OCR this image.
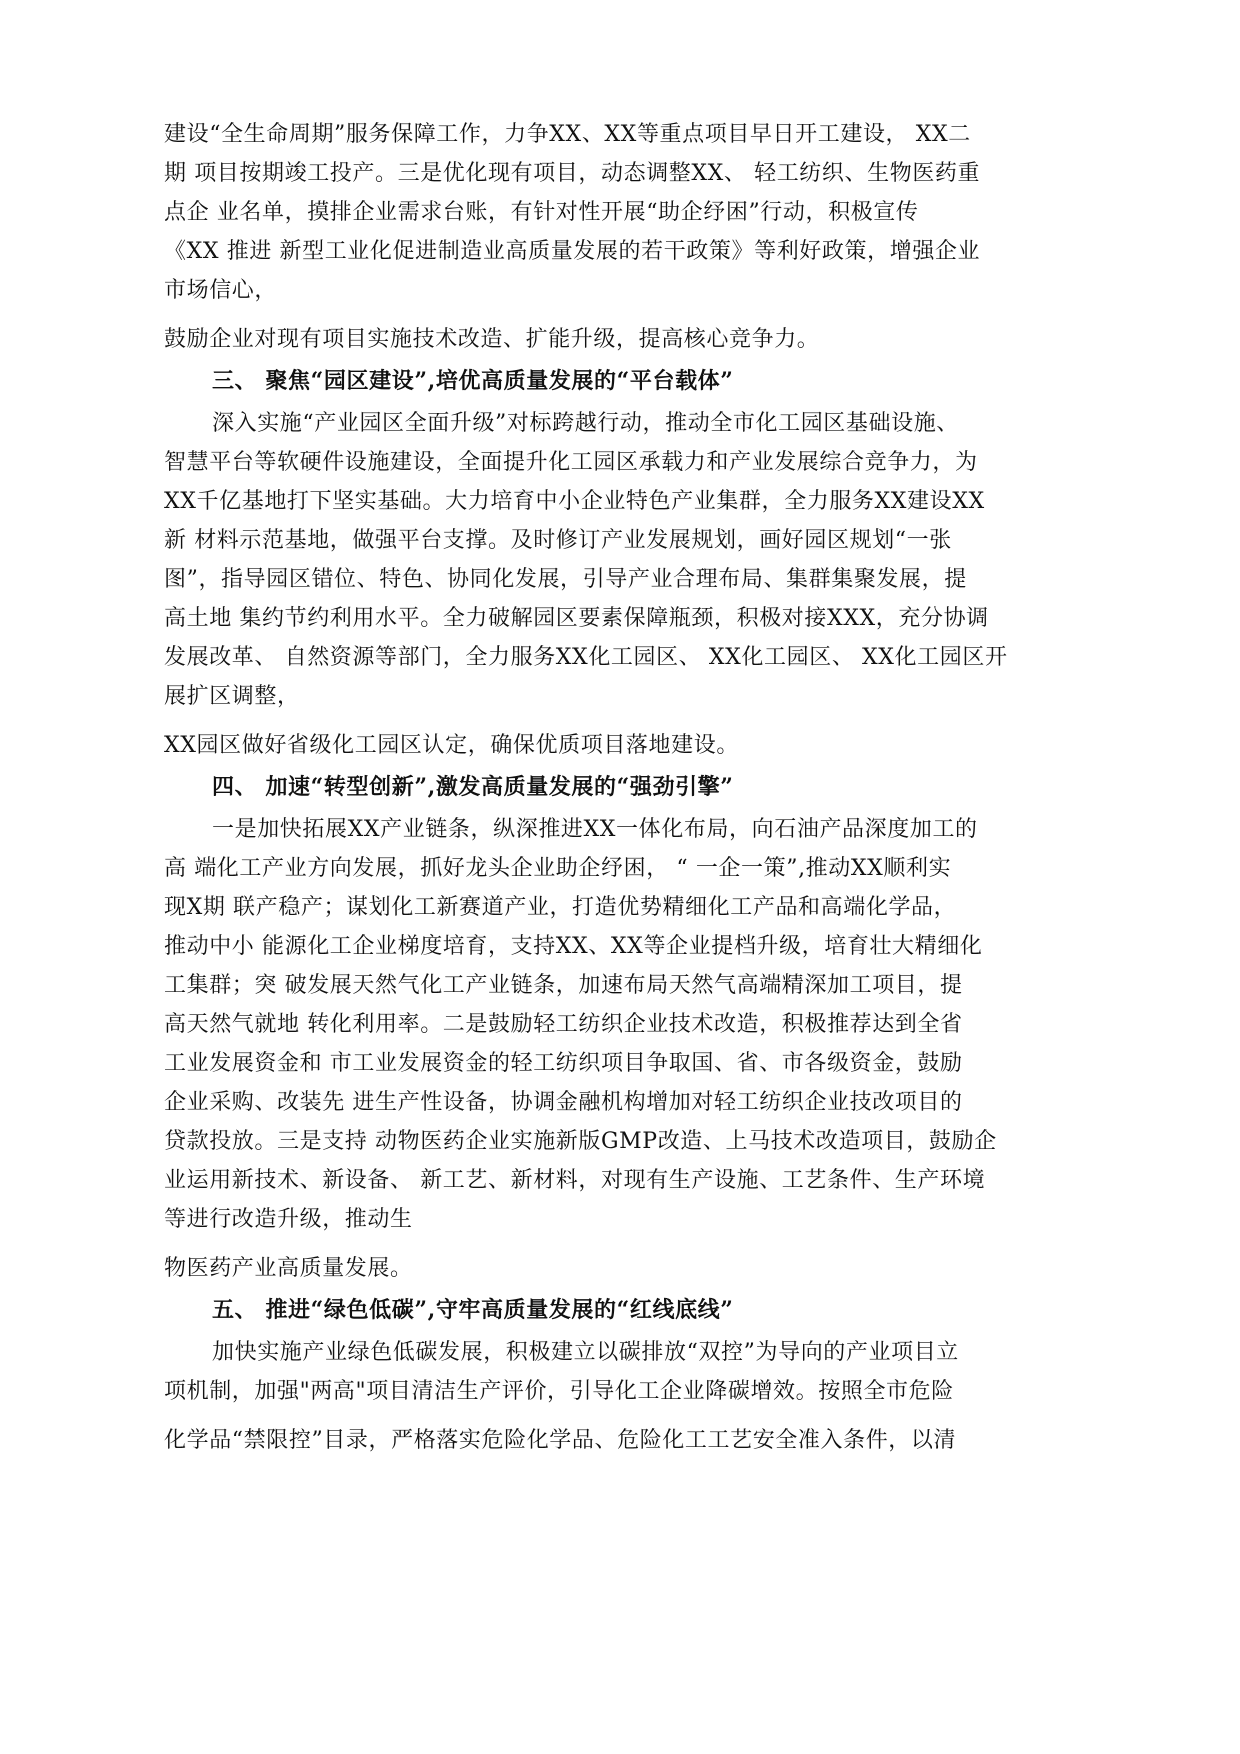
建设“全生命周期”服务保障工作，力争XX、XX等重点项目早日开工建设， XX二
期 项目按期竣工投产。三是优化现有项目，动态调整XX、 轻工纺织、生物医药重
点企 业名单，摸排企业需求台账，有针对性开展“助企纾困”行动，积极宣传
《XX 推进 新型工业化促进制造业高质量发展的若干政策》等利好政策，增强企业
市场信心，
鼓励企业对现有项目实施技术改造、扩能升级，提高核心竞争力。
三、 聚焦“园区建设”,培优高质量发展的“平台载体”
深入实施“产业园区全面升级”对标跨越行动，推动全市化工园区基础设施、
智慧平台等软硬件设施建设，全面提升化工园区承载力和产业发展综合竞争力，为
XX千亿基地打下坚实基础。大力培育中小企业特色产业集群，全力服务XX建设XX
新 材料示范基地，做强平台支撑。及时修订产业发展规划，画好园区规划“一张
图”，指导园区错位、特色、协同化发展，引导产业合理布局、集群集聚发展，提
高土地 集约节约利用水平。全力破解园区要素保障瓶颈，积极对接XXX，充分协调
发展改革、 自然资源等部门，全力服务XX化工园区、 XX化工园区、 XX化工园区开
展扩区调整，
XX园区做好省级化工园区认定，确保优质项目落地建设。
四、 加速“转型创新”,激发高质量发展的“强劲引擎”
一是加快拓展XX产业链条，纵深推进XX一体化布局，向石油产品深度加工的
高 端化工产业方向发展，抓好龙头企业助企纾困， “ 一企一策”,推动XX顺利实
现X期 联产稳产；谋划化工新赛道产业，打造优势精细化工产品和高端化学品，
推动中小 能源化工企业梯度培育，支持XX、XX等企业提档升级，培育壮大精细化
工集群；突 破发展天然气化工产业链条，加速布局天然气高端精深加工项目，提
高天然气就地 转化利用率。二是鼓励轻工纺织企业技术改造，积极推荐达到全省
工业发展资金和 市工业发展资金的轻工纺织项目争取国、省、市各级资金，鼓励
企业采购、改装先 进生产性设备，协调金融机构增加对轻工纺织企业技改项目的
贷款投放。三是支持 动物医药企业实施新版GMP改造、上马技术改造项目，鼓励企
业运用新技术、新设备、 新工艺、新材料，对现有生产设施、工艺条件、生产环境
等进行改造升级，推动生
物医药产业高质量发展。
五、 推进“绿色低碳”,守牢高质量发展的“红线底线”
加快实施产业绿色低碳发展，积极建立以碳排放“双控”为导向的产业项目立
项机制，加强"两高"项目清洁生产评价，引导化工企业降碳增效。按照全市危险
化学品“禁限控”目录，严格落实危险化学品、危险化工工艺安全准入条件，以清
